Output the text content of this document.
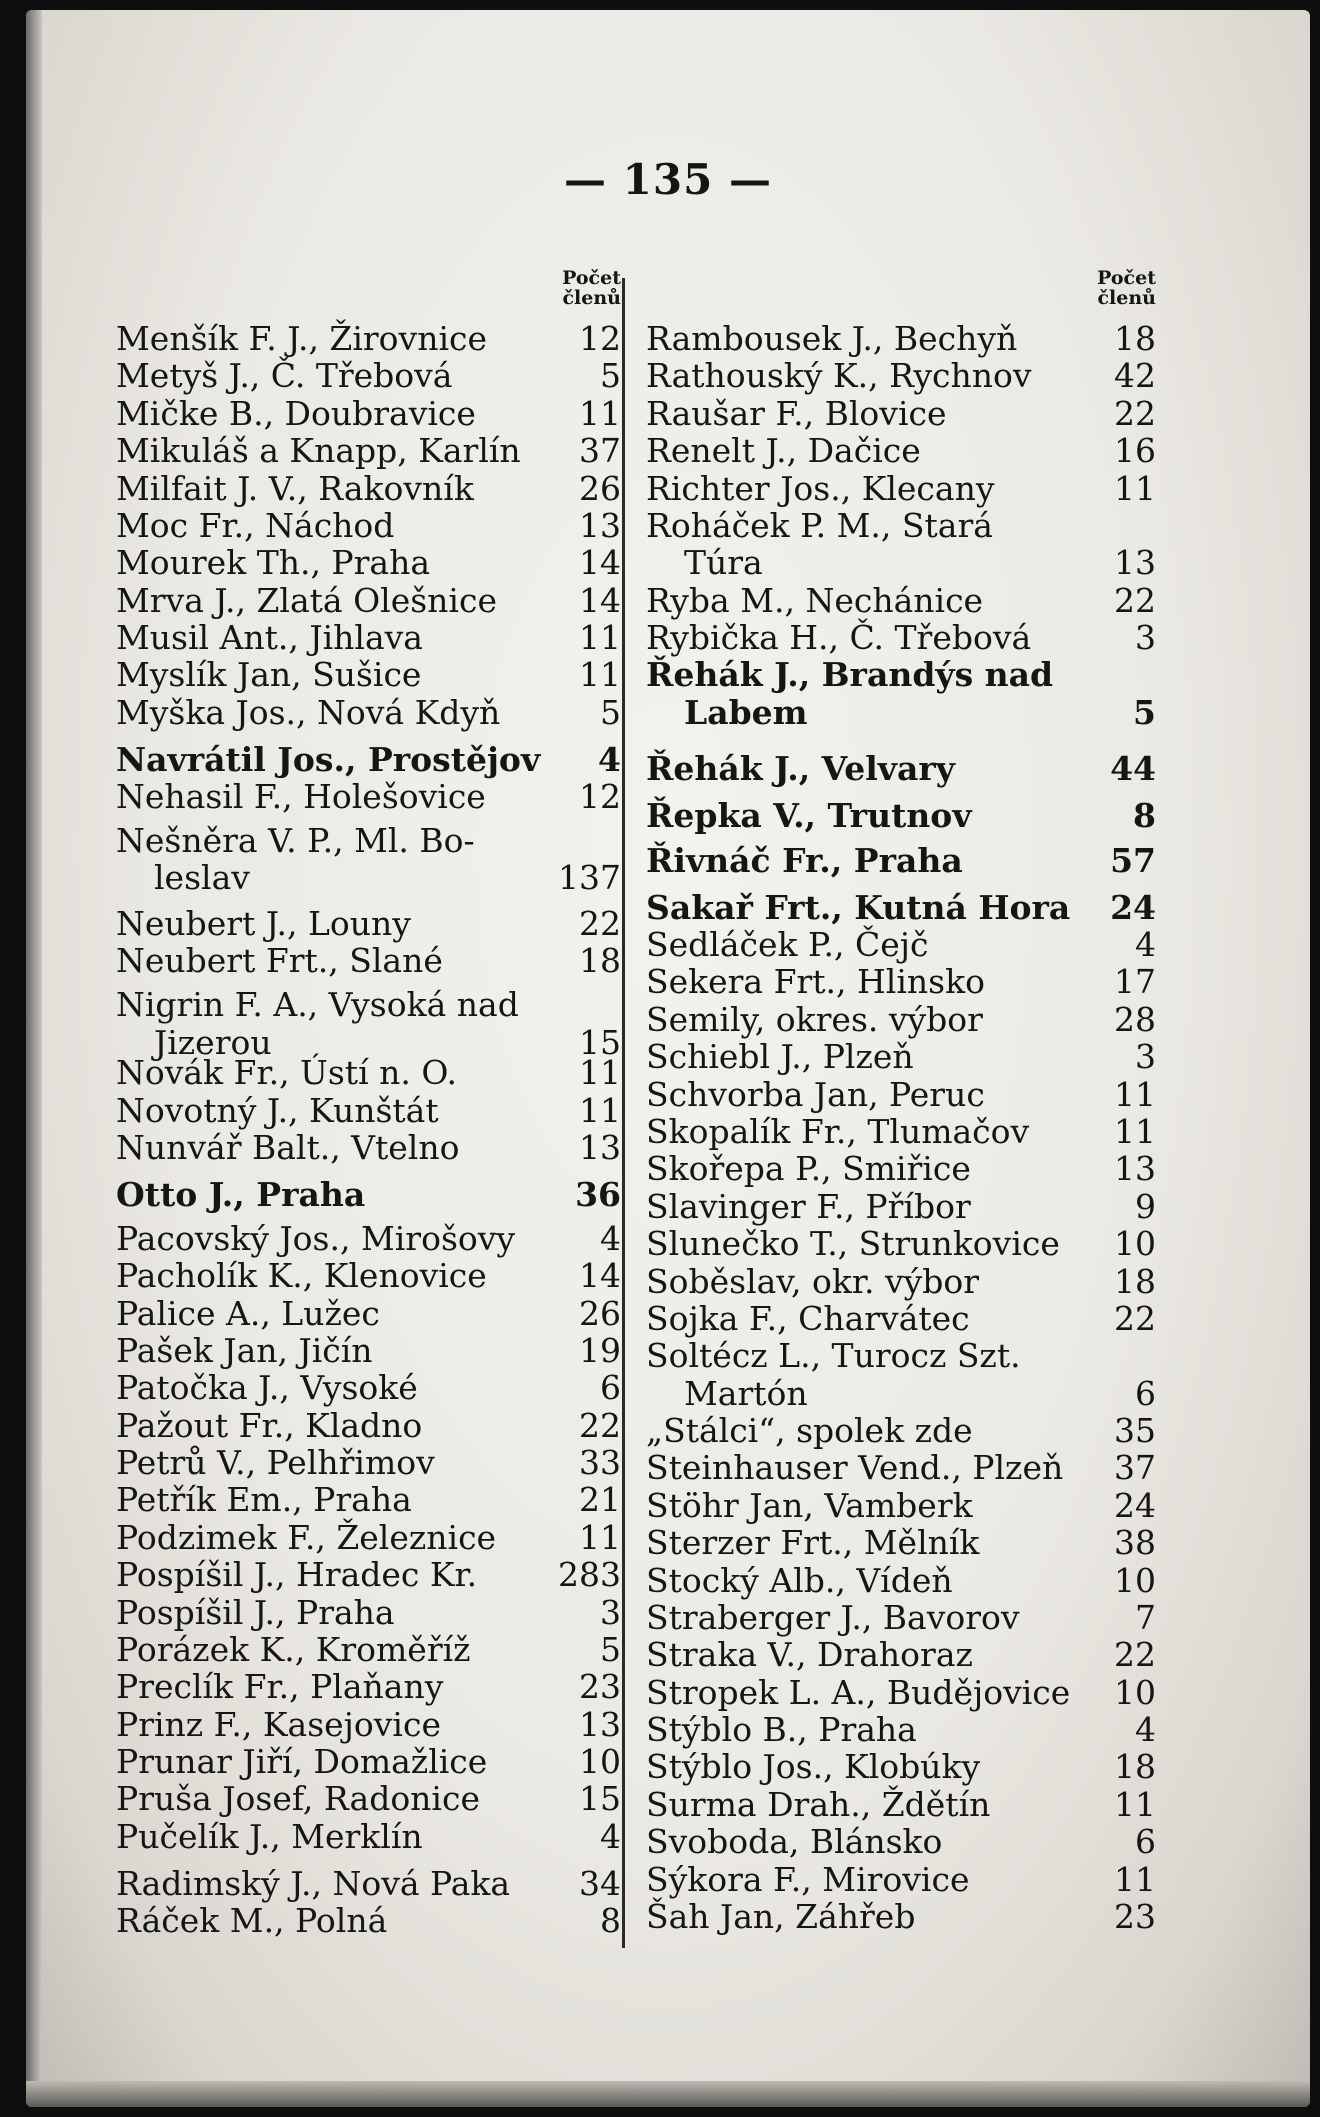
— 135 —
Počet
členů
Menšík F. J., Žirovnice	12
Metyš J., Č. Třebová	5
Mičke B., Doubravice	11
Mikuláš a Knapp, Karlín 37
Milfait J. V., Rakovník	26
Moc Fr., Náchod	13
Mourek Th., Praha	14
Mrva J., Zlatá Olešnice 14
Musil Ant., Jihlava	11
Myslík Jan, Sušice	11
Myška Jos., Nová Kdyň	5
Navrátil Jos., Prostějov 4
Nehasil F., Holešovice	12
Nešněra V. P., Ml. Bo-
leslav	137
Neubert J., Louny	22
Neubert Frt., Slané	18
Nigrin F. A., Vysoká nad
Jizerou	15
Novák Fr., Ústí n. O.	11
Novotný J., Kunštát	11
Nunvář Balt., Vtelno	13
Otto J., Praha	36
Pacovský Jos., Mirošovy	4
Pacholík K., Klenovice	14
Palice A., Lužec	26
Pašek Jan, Jičín	19
Patočka J., Vysoké	6
Pažout Fr., Kladno	22
Petrů V., Pelhřimov	33
Petřík Em., Praha	21
Podzimek F., Železnice	11
Pospíšil J., Hradec Kr. 283
Pospíšil J., Praha	3
Porázek K., Kroměříž	5
Preclík Fr., Plaňany	23
Prinz F., Kasejovice	13
Prunar Jiří, Domažlice	10
Pruša Josef, Radonice	15
Pučelík J., Merklín	4
Radimský J., Nová Paka 34
Ráček M., Polná	8
Počet
členů
Rambousek J., Bechyň	18
Rathouský K., Rychnov 42
Raušar F., Blovice	22
Renelt J., Dačice	16
Richter Jos., Klecany	11
Roháček P. M., Stará
Túra	13
Ryba M., Nechánice	22
Rybička H., Č. Třebová	3
Řehák J., Brandýs nad
Labem	5
Řehák J., Velvary	44
Řepka V., Trutnov	8
Řivnáč Fr., Praha	57
Sakař Frt., Kutná Hora 24
Sedláček P., Čejč	4
Sekera Frt., Hlinsko	17
Semily, okres. výbor	28
Schiebl J., Plzeň	3
Schvorba Jan, Peruc	11
Skopalík Fr., Tlumačov	11
Skořepa P., Smiřice	13
Slavinger F., Příbor	9
Slunečko T., Strunkovice 10
Soběslav, okr. výbor	18
Sojka F., Charvátec	22
Soltécz L., Turocz Szt.
Martón	6
„Stálci“, spolek zde	35
Steinhauser Vend., Plzeň 37
Stöhr Jan, Vamberk	24
Sterzer Frt., Mělník	38
Stocký Alb., Vídeň	10
Straberger J., Bavorov	7
Straka V., Drahoraz	22
Stropek L. A., Budějovice 10
Stýblo B., Praha	4
Stýblo Jos., Klobúky	18
Surma Drah., Ždětín	11
Svoboda, Blánsko	6
Sýkora F., Mirovice	11
Šah Jan, Záhřeb	23
